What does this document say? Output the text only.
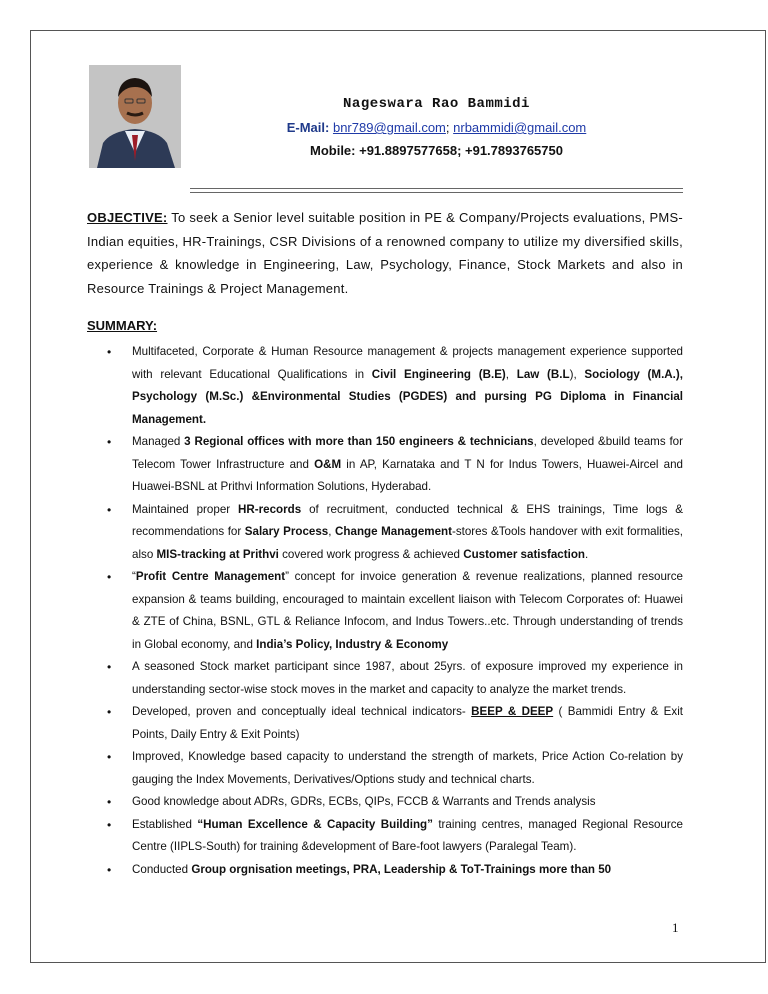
Nageswara Rao Bammidi
E-Mail: bnr789@gmail.com; nrbammidi@gmail.com
Mobile: +91.8897577658; +91.7893765750
OBJECTIVE: To seek a Senior level suitable position in PE & Company/Projects evaluations, PMS-Indian equities, HR-Trainings, CSR Divisions of a renowned company to utilize my diversified skills, experience & knowledge in Engineering, Law, Psychology, Finance, Stock Markets and also in Resource Trainings & Project Management.
SUMMARY:
• Multifaceted, Corporate & Human Resource management & projects management experience supported with relevant Educational Qualifications in Civil Engineering (B.E), Law (B.L), Sociology (M.A.), Psychology (M.Sc.) &Environmental Studies (PGDES) and pursing PG Diploma in Financial Management.
• Managed 3 Regional offices with more than 150 engineers & technicians, developed &build teams for Telecom Tower Infrastructure and O&M in AP, Karnataka and T N for Indus Towers, Huawei-Aircel and Huawei-BSNL at Prithvi Information Solutions, Hyderabad.
• Maintained proper HR-records of recruitment, conducted technical & EHS trainings, Time logs & recommendations for Salary Process, Change Management-stores &Tools handover with exit formalities, also MIS-tracking at Prithvi covered work progress & achieved Customer satisfaction.
• “Profit Centre Management” concept for invoice generation & revenue realizations, planned resource expansion & teams building, encouraged to maintain excellent liaison with Telecom Corporates of: Huawei & ZTE of China, BSNL, GTL & Reliance Infocom, and Indus Towers..etc. Through understanding of trends in Global economy, and India’s Policy, Industry & Economy
• A seasoned Stock market participant since 1987, about 25yrs. of exposure improved my experience in understanding sector-wise stock moves in the market and capacity to analyze the market trends.
• Developed, proven and conceptually ideal technical indicators- BEEP & DEEP ( Bammidi Entry & Exit Points, Daily Entry & Exit Points)
• Improved, Knowledge based capacity to understand the strength of markets, Price Action Co-relation by gauging the Index Movements, Derivatives/Options study and technical charts.
• Good knowledge about ADRs, GDRs, ECBs, QIPs, FCCB & Warrants and Trends analysis
• Established “Human Excellence & Capacity Building” training centres, managed Regional Resource Centre (IIPLS-South) for training &development of Bare-foot lawyers (Paralegal Team).
• Conducted Group orgnisation meetings, PRA, Leadership & ToT-Trainings more than 50
1
